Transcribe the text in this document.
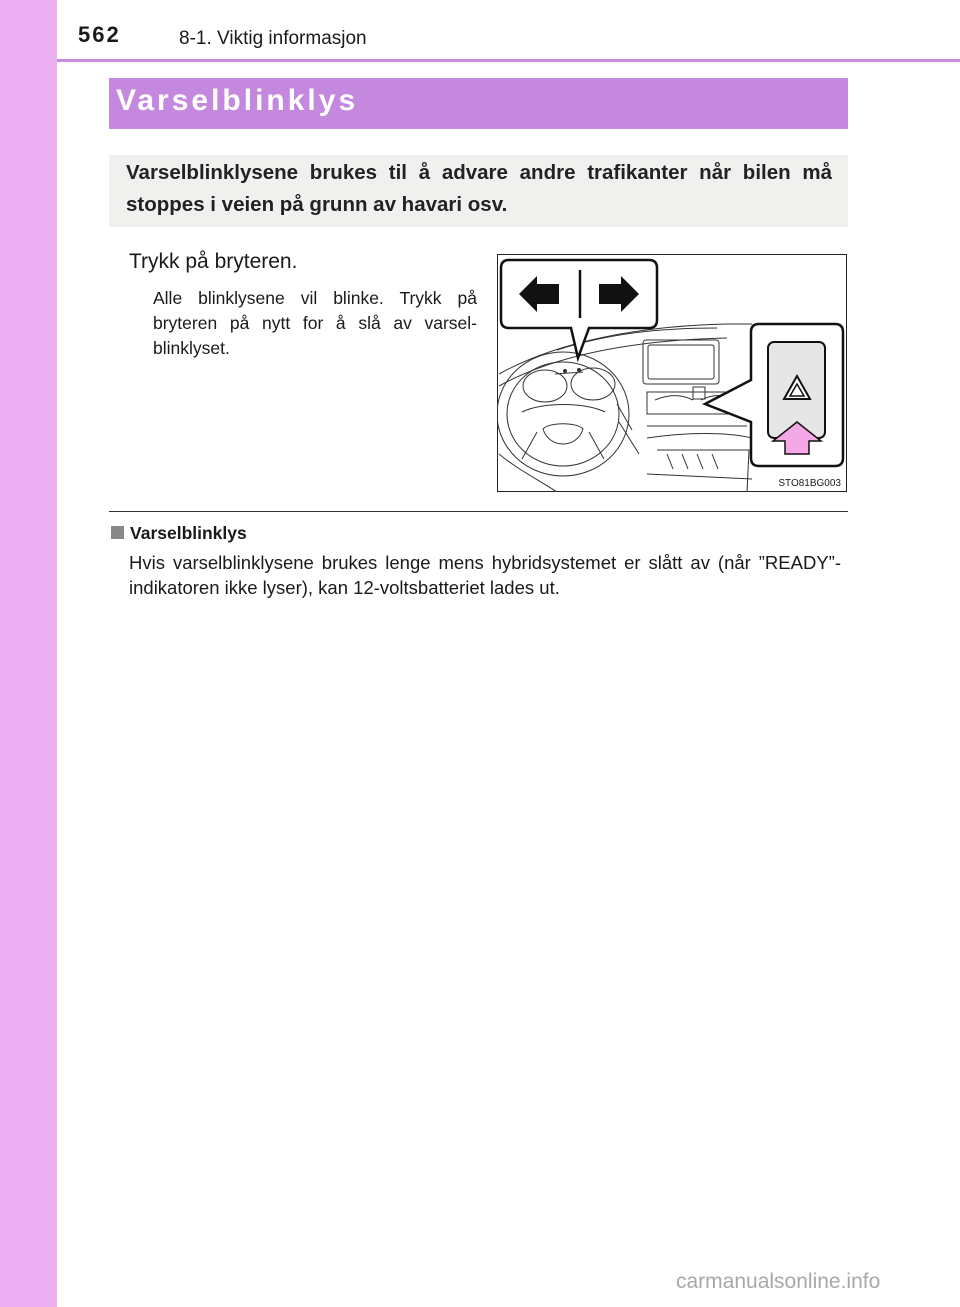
562	8-1. Viktig informasjon
Varselblinklys
Varselblinklysene brukes til å advare andre trafikanter når bilen må stoppes i veien på grunn av havari osv.
Trykk på bryteren.
Alle blinklysene vil blinke. Trykk på bryteren på nytt for å slå av varsel-blinklyset.
STO81BG003
Varselblinklys
Hvis varselblinklysene brukes lenge mens hybridsystemet er slått av (når ”READY”-indikatoren ikke lyser), kan 12-voltsbatteriet lades ut.
carmanualsonline.info
